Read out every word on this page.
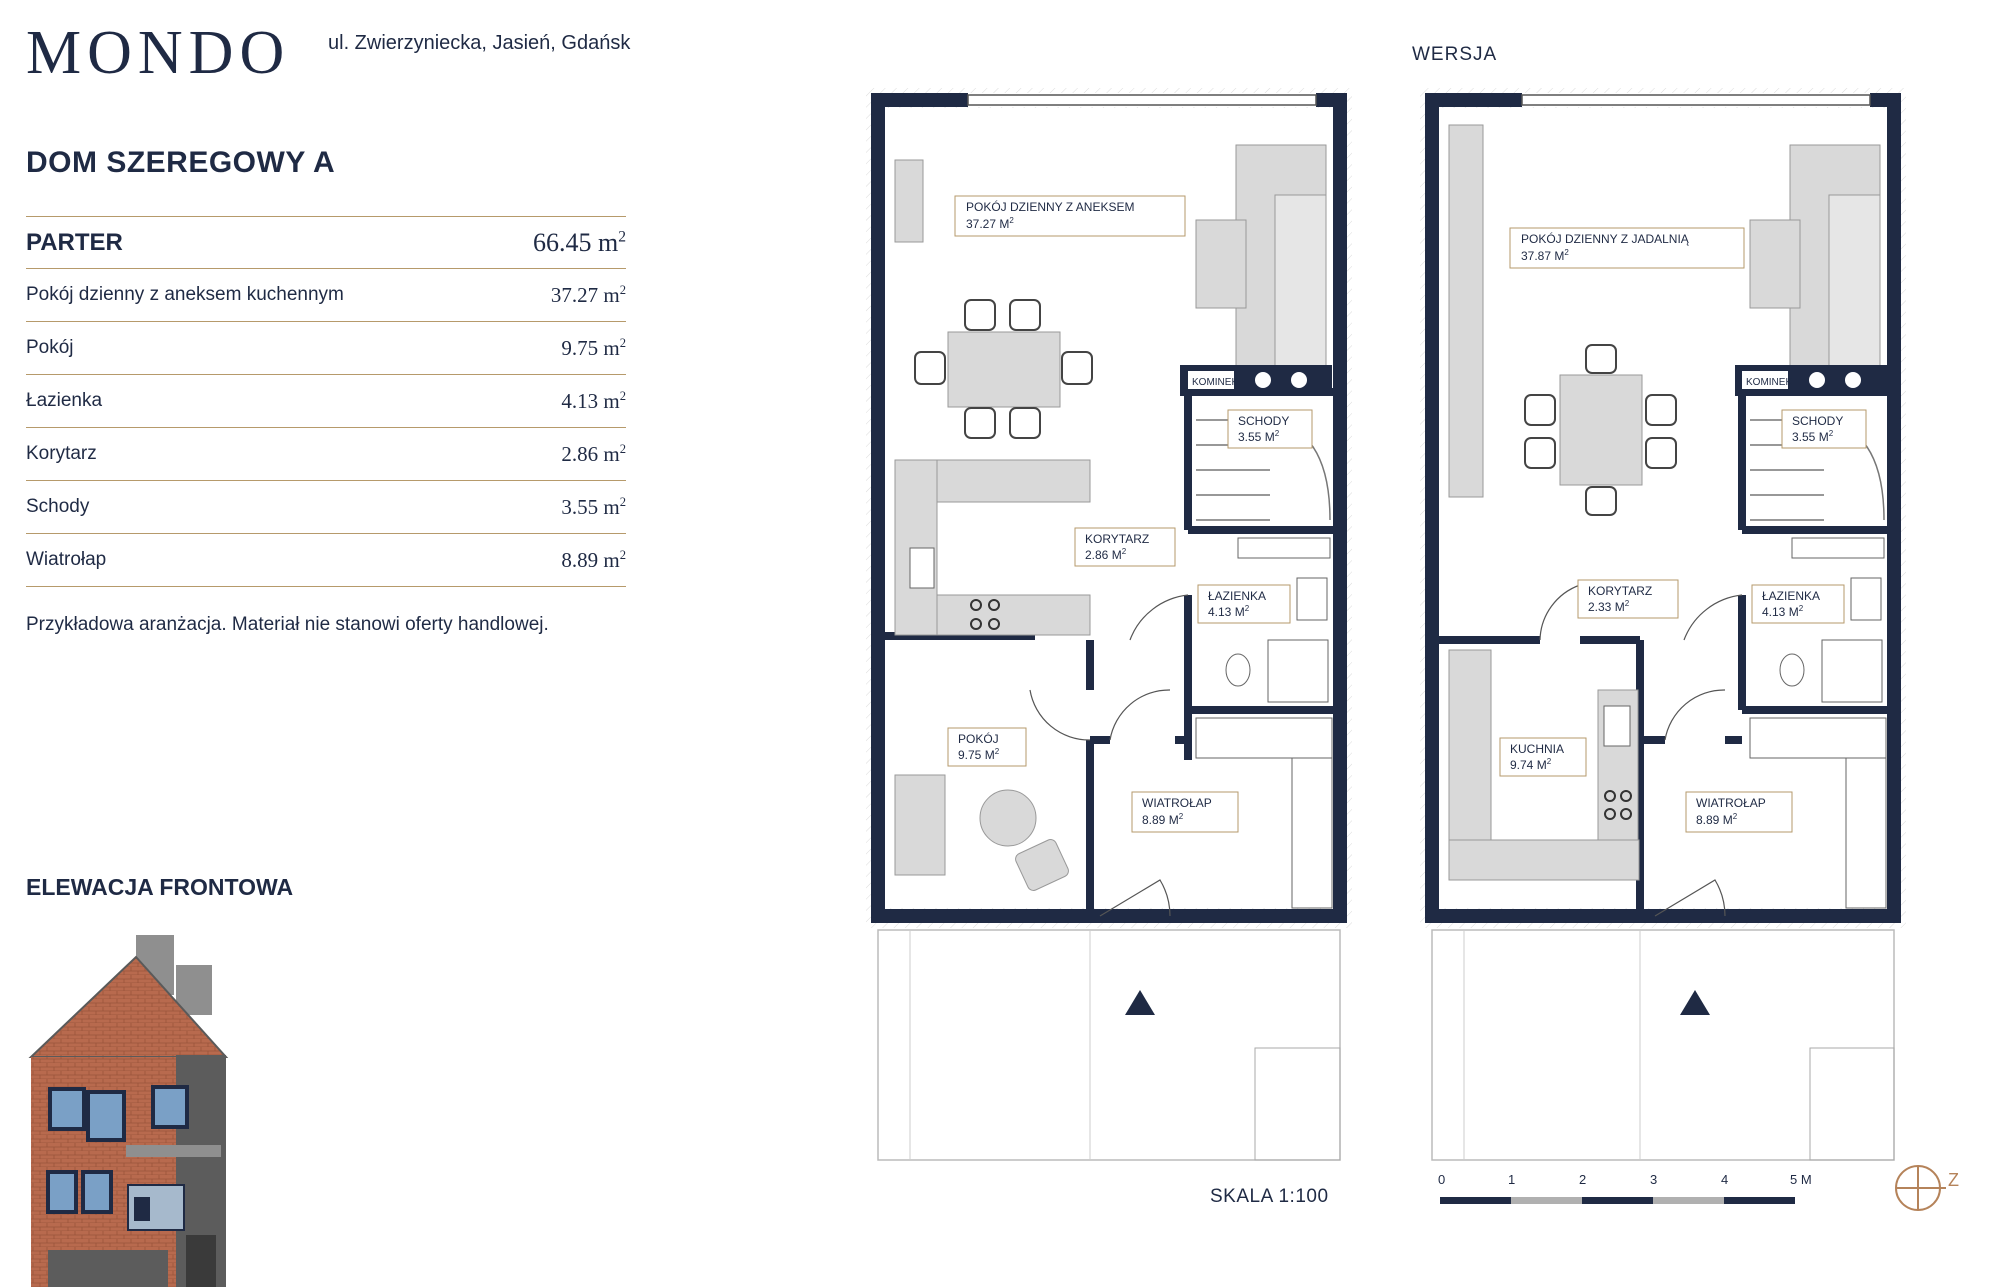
MONDO ul. Zwierzyniecka, Jasień, Gdańsk
DOM SZEREGOWY A
PARTER	66.45 $m^2$
Pokój dzienny z aneksem kuchennym	37.27 $m^2$
Pokój	9.75 $m^2$
Łazienka	4.13 $m^2$
Korytarz	2.86 $m^2$
Schody	3.55 $m^2$
Wiatrołap	8.89 $m^2$
Przykładowa aranżacja. Materiał nie stanowi oferty handlowej.
ELEWACJA FRONTOWA
WERSJA
KOMINEK
POKÓJ DZIENNY Z ANEKSEM
37.27 $M^2$
SCHODY
3.55 $M^2$
KORYTARZ
2.86 $M^2$
ŁAZIENKA
4.13 $M^2$
POKÓJ
9.75 $M^2$
WIATROŁAP
8.89 $M^2$
KOMINEK
POKÓJ DZIENNY Z JADALNIĄ
37.87 $M^2$
SCHODY
3.55 $M^2$
KORYTARZ
2.33 $M^2$
ŁAZIENKA
4.13 $M^2$
KUCHNIA
9.74 $M^2$
WIATROŁAP
8.89 $M^2$
SKALA 1:100
0	1	2	3	4	5 M	Z
